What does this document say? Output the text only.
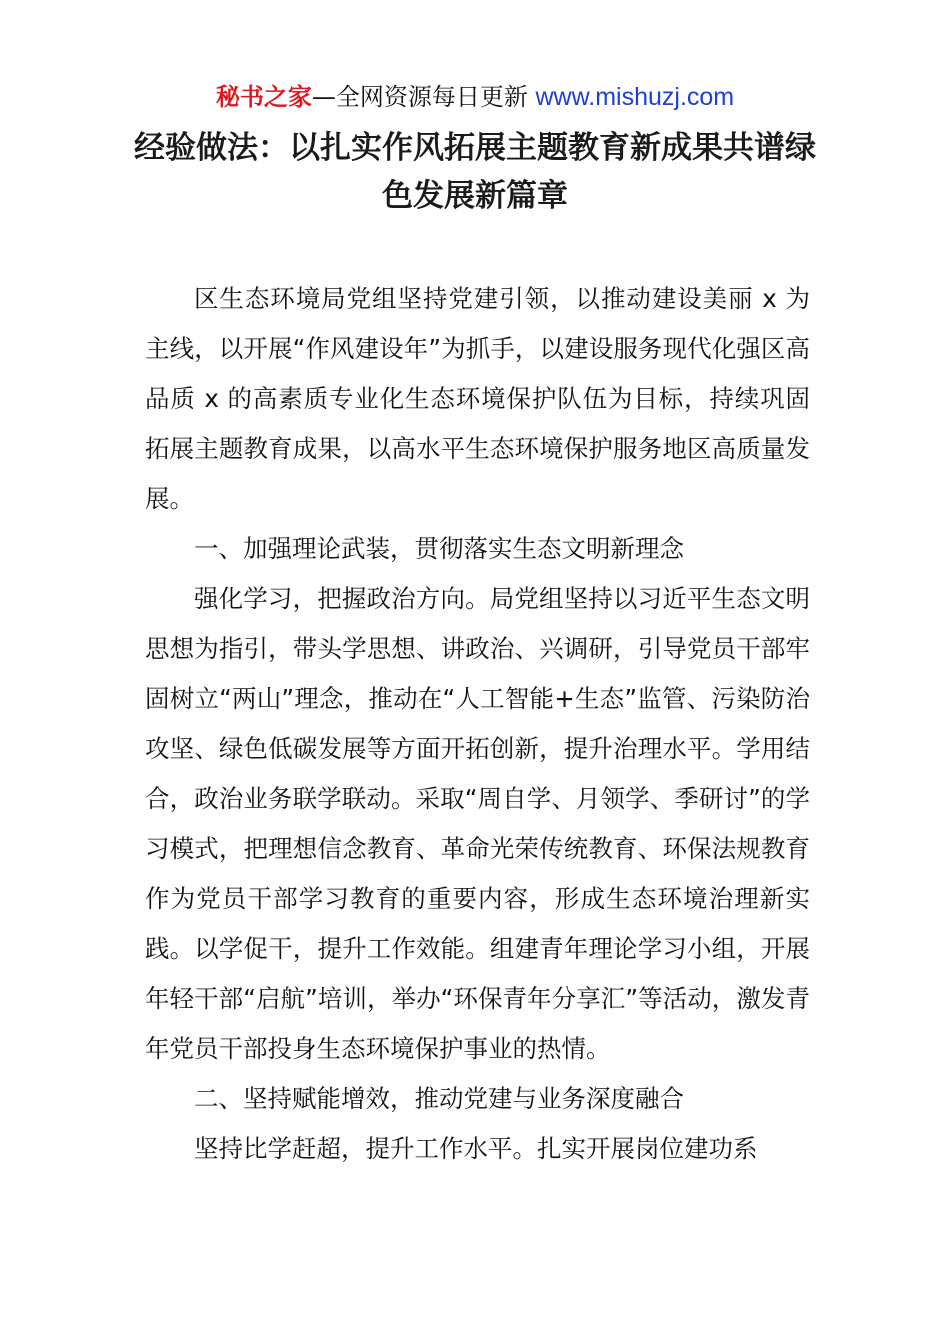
秘书之家—全网资源每日更新 www.mishuzj.com
经验做法：以扎实作风拓展主题教育新成果共谱绿色发展新篇章

区生态环境局党组坚持党建引领，以推动建设美丽 x 为主线，以开展“作风建设年”为抓手，以建设服务现代化强区高品质 x 的高素质专业化生态环境保护队伍为目标，持续巩固拓展主题教育成果，以高水平生态环境保护服务地区高质量发展。

一、加强理论武装，贯彻落实生态文明新理念

强化学习，把握政治方向。局党组坚持以习近平生态文明思想为指引，带头学思想、讲政治、兴调研，引导党员干部牢固树立“两山”理念，推动在“人工智能+生态”监管、污染防治攻坚、绿色低碳发展等方面开拓创新，提升治理水平。学用结合，政治业务联学联动。采取“周自学、月领学、季研讨”的学习模式，把理想信念教育、革命光荣传统教育、环保法规教育作为党员干部学习教育的重要内容，形成生态环境治理新实践。以学促干，提升工作效能。组建青年理论学习小组，开展年轻干部“启航”培训，举办“环保青年分享汇”等活动，激发青年党员干部投身生态环境保护事业的热情。

二、坚持赋能增效，推动党建与业务深度融合

坚持比学赶超，提升工作水平。扎实开展岗位建功系
